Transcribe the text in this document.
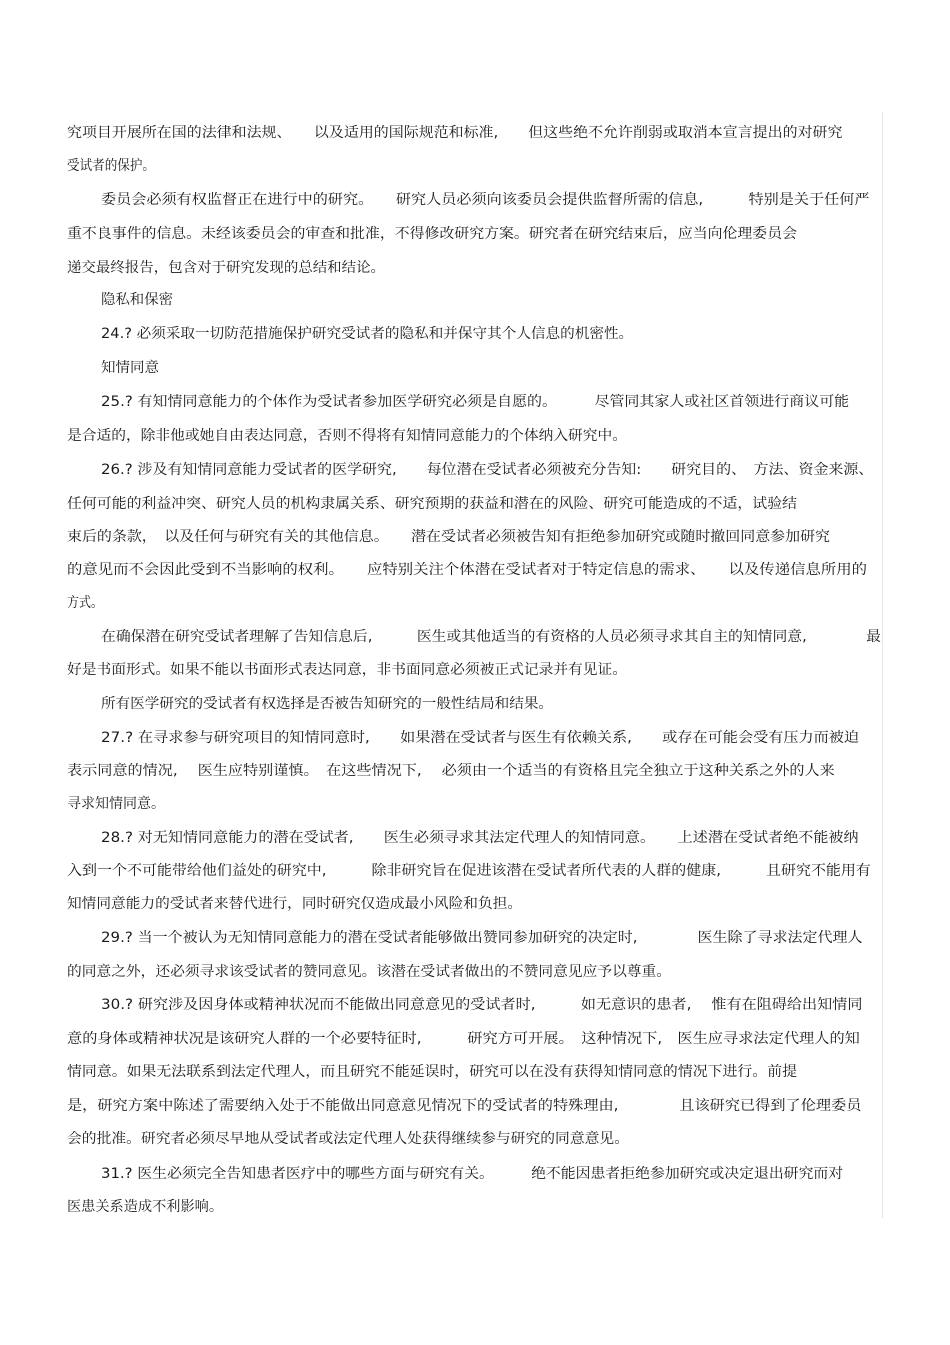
究项目开展所在国的法律和法规、　　以及适用的国际规范和标准,　　但这些绝不允许削弱或取消本宣言提出的对研究
受试者的保护。
委员会必须有权监督正在进行中的研究。　　研究人员必须向该委员会提供监督所需的信息,　　　特别是关于任何严
重不良事件的信息。未经该委员会的审查和批准，不得修改研究方案。研究者在研究结束后，应当向伦理委员会
递交最终报告，包含对于研究发现的总结和结论。
隐私和保密
24.? 必须采取一切防范措施保护研究受试者的隐私和并保守其个人信息的机密性。
知情同意
25.? 有知情同意能力的个体作为受试者参加医学研究必须是自愿的。　　　尽管同其家人或社区首领进行商议可能
是合适的，除非他或她自由表达同意，否则不得将有知情同意能力的个体纳入研究中。
26.? 涉及有知情同意能力受试者的医学研究,　　每位潜在受试者必须被充分告知:　　研究目的、　方法、资金来源、
任何可能的利益冲突、研究人员的机构隶属关系、研究预期的获益和潜在的风险、研究可能造成的不适，试验结
束后的条款，　以及任何与研究有关的其他信息。　　潜在受试者必须被告知有拒绝参加研究或随时撤回同意参加研究
的意见而不会因此受到不当影响的权利。　　应特别关注个体潜在受试者对于特定信息的需求、　　以及传递信息所用的
方式。
在确保潜在研究受试者理解了告知信息后,　　　医生或其他适当的有资格的人员必须寻求其自主的知情同意,　　　　最
好是书面形式。如果不能以书面形式表达同意，非书面同意必须被正式记录并有见证。
所有医学研究的受试者有权选择是否被告知研究的一般性结局和结果。
27.? 在寻求参与研究项目的知情同意时,　　如果潜在受试者与医生有依赖关系,　　或存在可能会受有压力而被迫
表示同意的情况,　 医生应特别谨慎。　在这些情况下,　 必须由一个适当的有资格且完全独立于这种关系之外的人来
寻求知情同意。
28.? 对无知情同意能力的潜在受试者,　　医生必须寻求其法定代理人的知情同意。　　上述潜在受试者绝不能被纳
入到一个不可能带给他们益处的研究中,　　　除非研究旨在促进该潜在受试者所代表的人群的健康,　　　且研究不能用有
知情同意能力的受试者来替代进行，同时研究仅造成最小风险和负担。
29.? 当一个被认为无知情同意能力的潜在受试者能够做出赞同参加研究的决定时,　　　　医生除了寻求法定代理人
的同意之外，还必须寻求该受试者的赞同意见。该潜在受试者做出的不赞同意见应予以尊重。
30.? 研究涉及因身体或精神状况而不能做出同意意见的受试者时,　　　如无意识的患者,　 惟有在阻碍给出知情同
意的身体或精神状况是该研究人群的一个必要特征时,　　　研究方可开展。　这种情况下,　医生应寻求法定代理人的知
情同意。如果无法联系到法定代理人，而且研究不能延误时，研究可以在没有获得知情同意的情况下进行。前提
是，研究方案中陈述了需要纳入处于不能做出同意意见情况下的受试者的特殊理由,　　　　且该研究已得到了伦理委员
会的批准。研究者必须尽早地从受试者或法定代理人处获得继续参与研究的同意意见。
31.? 医生必须完全告知患者医疗中的哪些方面与研究有关。　　　绝不能因患者拒绝参加研究或决定退出研究而对
医患关系造成不利影响。
